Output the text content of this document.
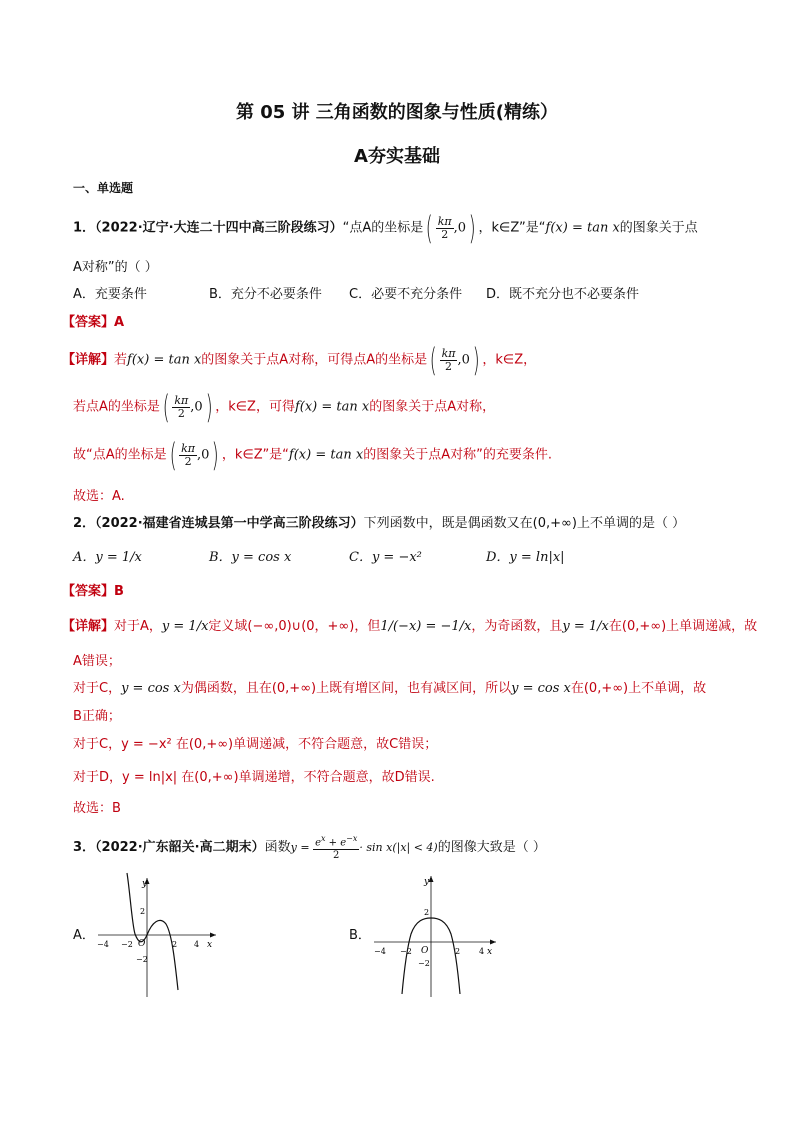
第 05 讲 三角函数的图象与性质(精练）
A夯实基础
一、单选题
1．（2022·辽宁·大连二十四中高三阶段练习）“点A的坐标是( $\frac{k\pi}{2} ,0$) ，k∈Z”是“f(x) = tan x的图象关于点
A对称”的（ ）
A．充要条件	B．充分不必要条件 C．必要不充分条件 D．既不充分也不必要条件
【答案】A
【详解】若f(x) = tan x的图象关于点A对称，可得点A的坐标是( $\frac{k\pi}{2} ,0$) ，k∈Z，
若点A的坐标是( $\frac{k\pi}{2} ,0$) ，k∈Z，可得f(x) = tan x的图象关于点A对称，
故“点A的坐标是( $\frac{k\pi}{2} ,0$) ，k∈Z”是“f(x) = tan x的图象关于点A对称”的充要条件.
故选：A.
2．（2022·福建省连城县第一中学高三阶段练习）下列函数中，既是偶函数又在(0,+∞)上不单调的是（ ）
A．y = 1/x	B．y = cos x	C．y = −x²	D．y = ln|x|
【答案】B
【详解】对于A，y = 1/x定义域(−∞,0)∪(0，+∞)，但1/(−x) = −1/x，为奇函数，且y = 1/x在(0,+∞)上单调递减，故
A错误；
对于C，y = cos x为偶函数，且在(0,+∞)上既有增区间，也有减区间，所以y = cos x在(0,+∞)上不单调，故
B正确；
对于C，y = −x² 在(0,+∞)单调递减，不符合题意，故C错误；
对于D，y = ln|x| 在(0,+∞)单调递增，不符合题意，故D错误.
故选：B
3．（2022·广东韶关·高二期末）函数$y = \frac{e^x + e^{-x}}{2} \cdot \sin x(|x| < 4)$的图像大致是（ ）
A．	B．
y
x
O
−4 −2	2 4
2
−2
y
x
O
−4 −2	2 4
2
−2
